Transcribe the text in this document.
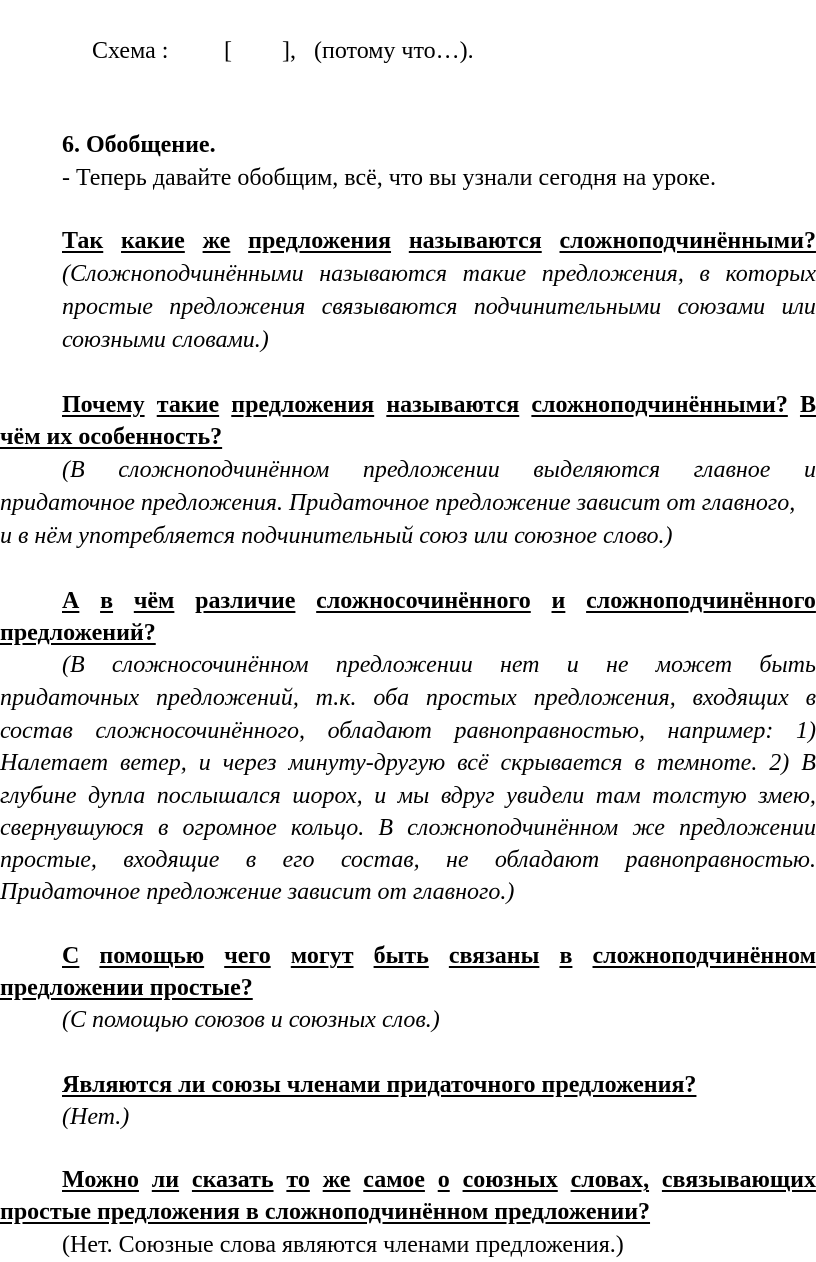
Схема : [ ], (потому что…).
6. Обобщение.
- Теперь давайте обобщим, всё, что вы узнали сегодня на уроке.
Так какие же предложения называются сложноподчинёнными?
(Сложноподчинёнными называются такие предложения, в которых
простые предложения связываются подчинительными союзами или
союзными словами.)
Почему такие предложения называются сложноподчинёнными? В
чём их особенность?
(В сложноподчинённом предложении выделяются главное и
придаточное предложения. Придаточное предложение зависит от главного,
и в нём употребляется подчинительный союз или союзное слово.)
А в чём различие сложносочинённого и сложноподчинённого
предложений?
(В сложносочинённом предложении нет и не может быть
придаточных предложений, т.к. оба простых предложения, входящих в
состав сложносочинённого, обладают равноправностью, например: 1)
Налетает ветер, и через минуту-другую всё скрывается в темноте. 2) В
глубине дупла послышался шорох, и мы вдруг увидели там толстую змею,
свернувшуюся в огромное кольцо. В сложноподчинённом же предложении
простые, входящие в его состав, не обладают равноправностью.
Придаточное предложение зависит от главного.)
С помощью чего могут быть связаны в сложноподчинённом
предложении простые?
(С помощью союзов и союзных слов.)
Являются ли союзы членами придаточного предложения?
(Нет.)
Можно ли сказать то же самое о союзных словах, связывающих
простые предложения в сложноподчинённом предложении?
(Нет. Союзные слова являются членами предложения.)
